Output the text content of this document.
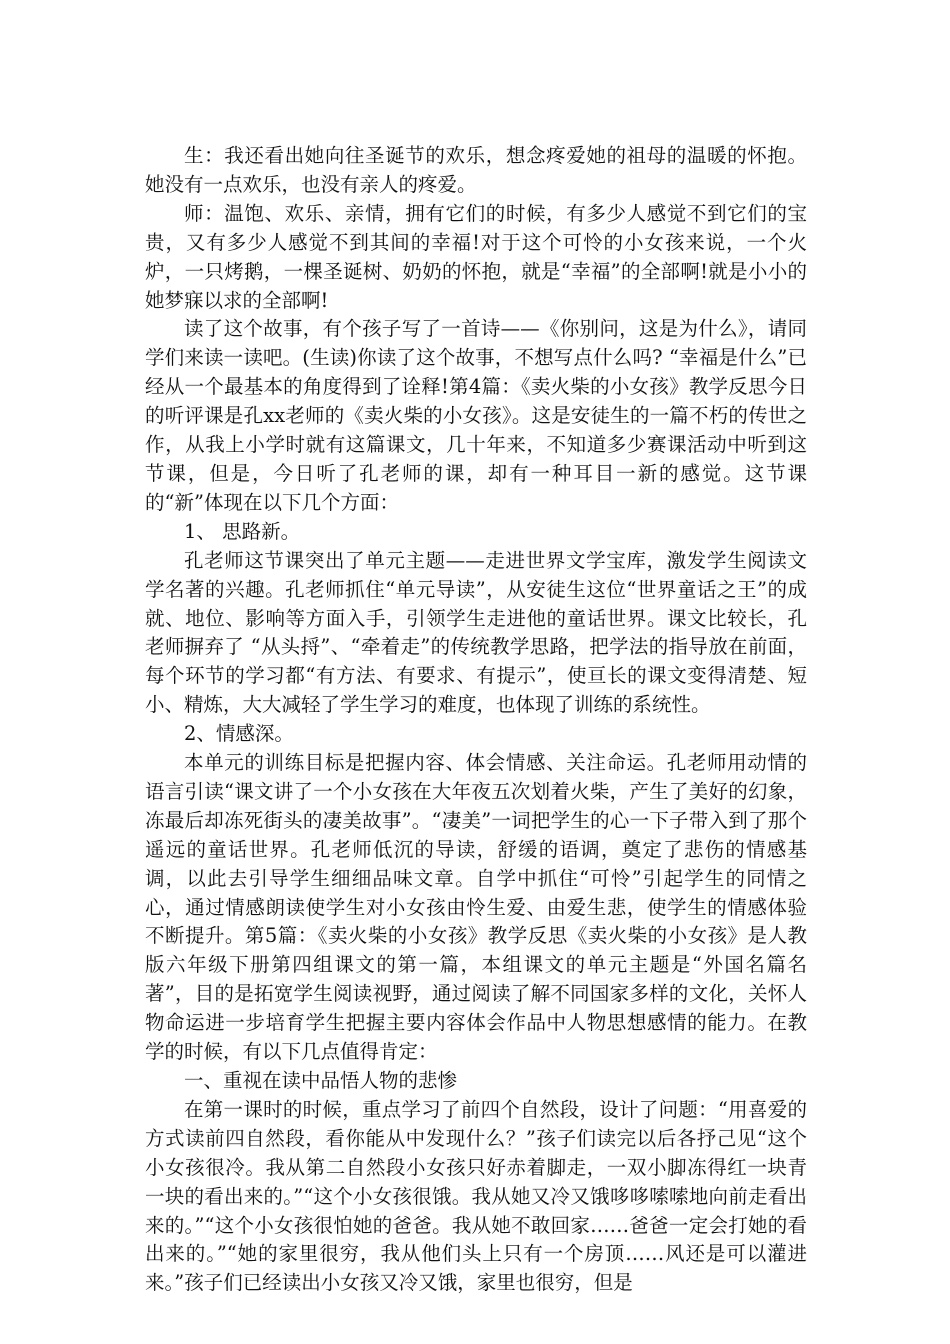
生：我还看出她向往圣诞节的欢乐，想念疼爱她的祖母的温暖的怀抱。她没有一点欢乐，也没有亲人的疼爱。

师：温饱、欢乐、亲情，拥有它们的时候，有多少人感觉不到它们的宝贵，又有多少人感觉不到其间的幸福!对于这个可怜的小女孩来说，一个火炉，一只烤鹅，一棵圣诞树、奶奶的怀抱，就是“幸福”的全部啊!就是小小的她梦寐以求的全部啊!

读了这个故事，有个孩子写了一首诗——《你别问，这是为什么》，请同学们来读一读吧。(生读)你读了这个故事，不想写点什么吗? “幸福是什么”已经从一个最基本的角度得到了诠释!第4篇：《卖火柴的小女孩》教学反思今日的听评课是孔xx老师的《卖火柴的小女孩》。这是安徒生的一篇不朽的传世之作，从我上小学时就有这篇课文，几十年来，不知道多少赛课活动中听到这节课，但是，今日听了孔老师的课，却有一种耳目一新的感觉。这节课的“新”体现在以下几个方面：

1、 思路新。

孔老师这节课突出了单元主题——走进世界文学宝库，激发学生阅读文学名著的兴趣。孔老师抓住“单元导读”，从安徒生这位“世界童话之王”的成就、地位、影响等方面入手，引领学生走进他的童话世界。课文比较长，孔老师摒弃了 “从头捋”、“牵着走”的传统教学思路，把学法的指导放在前面，每个环节的学习都“有方法、有要求、有提示”，使亘长的课文变得清楚、短小、精炼，大大减轻了学生学习的难度，也体现了训练的系统性。

2、情感深。

本单元的训练目标是把握内容、体会情感、关注命运。孔老师用动情的语言引读“课文讲了一个小女孩在大年夜五次划着火柴，产生了美好的幻象，冻最后却冻死街头的凄美故事”。“凄美”一词把学生的心一下子带入到了那个遥远的童话世界。孔老师低沉的导读，舒缓的语调，奠定了悲伤的情感基调，以此去引导学生细细品味文章。自学中抓住“可怜”引起学生的同情之心，通过情感朗读使学生对小女孩由怜生爱、由爱生悲，使学生的情感体验不断提升。第5篇：《卖火柴的小女孩》教学反思《卖火柴的小女孩》是人教版六年级下册第四组课文的第一篇，本组课文的单元主题是“外国名篇名著”，目的是拓宽学生阅读视野，通过阅读了解不同国家多样的文化，关怀人物命运进一步培育学生把握主要内容体会作品中人物思想感情的能力。在教学的时候，有以下几点值得肯定：

一、重视在读中品悟人物的悲惨

在第一课时的时候，重点学习了前四个自然段，设计了问题：“用喜爱的方式读前四自然段，看你能从中发现什么？”孩子们读完以后各抒己见“这个小女孩很冷。我从第二自然段小女孩只好赤着脚走，一双小脚冻得红一块青一块的看出来的。”“这个小女孩很饿。我从她又冷又饿哆哆嗦嗦地向前走看出来的。”“这个小女孩很怕她的爸爸。我从她不敢回家……爸爸一定会打她的看出来的。”“她的家里很穷，我从他们头上只有一个房顶……风还是可以灌进来。”孩子们已经读出小女孩又冷又饿，家里也很穷，但是
